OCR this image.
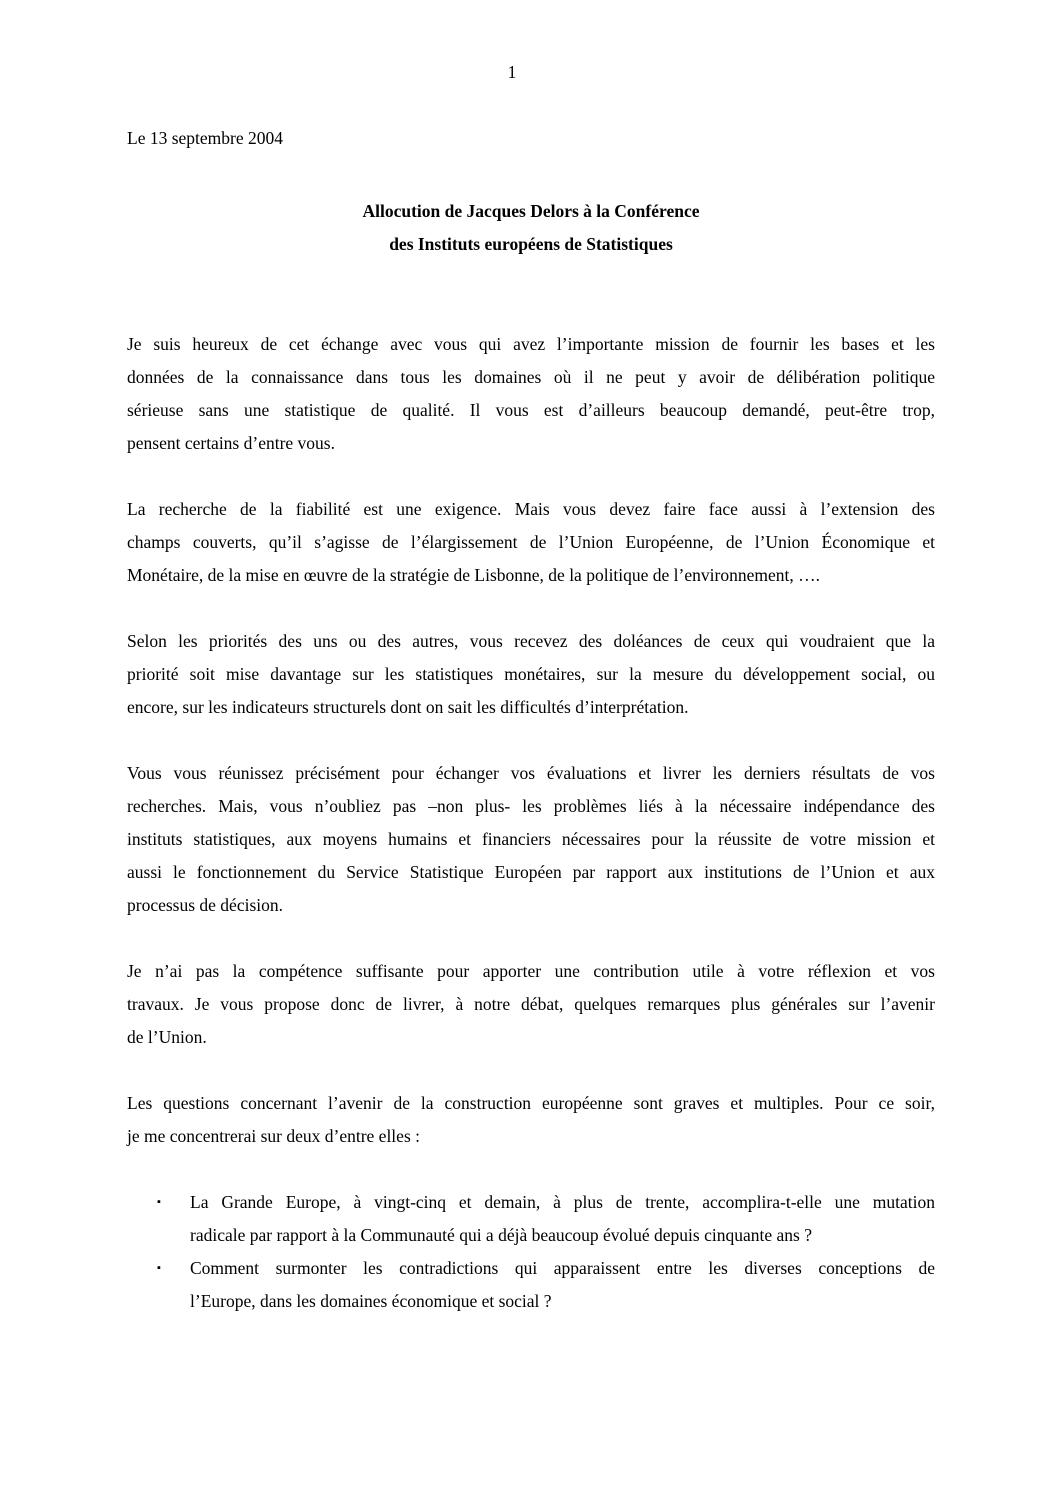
1
Le 13 septembre 2004
Allocution de Jacques Delors à la Conférence
des Instituts européens de Statistiques
Je suis heureux de cet échange avec vous qui avez l’importante mission de fournir les bases et les
données de la connaissance dans tous les domaines où il ne peut y avoir de délibération politique
sérieuse sans une statistique de qualité. Il vous est d’ailleurs beaucoup demandé, peut-être trop,
pensent certains d’entre vous.
La recherche de la fiabilité est une exigence. Mais vous devez faire face aussi à l’extension des
champs couverts, qu’il s’agisse de l’élargissement de l’Union Européenne, de l’Union Économique et
Monétaire, de la mise en œuvre de la stratégie de Lisbonne, de la politique de l’environnement, ….
Selon les priorités des uns ou des autres, vous recevez des doléances de ceux qui voudraient que la
priorité soit mise davantage sur les statistiques monétaires, sur la mesure du développement social, ou
encore, sur les indicateurs structurels dont on sait les difficultés d’interprétation.
Vous vous réunissez précisément pour échanger vos évaluations et livrer les derniers résultats de vos
recherches. Mais, vous n’oubliez pas –non plus- les problèmes liés à la nécessaire indépendance des
instituts statistiques, aux moyens humains et financiers nécessaires pour la réussite de votre mission et
aussi le fonctionnement du Service Statistique Européen par rapport aux institutions de l’Union et aux
processus de décision.
Je n’ai pas la compétence suffisante pour apporter une contribution utile à votre réflexion et vos
travaux. Je vous propose donc de livrer, à notre débat, quelques remarques plus générales sur l’avenir
de l’Union.
Les questions concernant l’avenir de la construction européenne sont graves et multiples. Pour ce soir,
je me concentrerai sur deux d’entre elles :
▪ La Grande Europe, à vingt-cinq et demain, à plus de trente, accomplira-t-elle une mutation
radicale par rapport à la Communauté qui a déjà beaucoup évolué depuis cinquante ans ?
▪ Comment surmonter les contradictions qui apparaissent entre les diverses conceptions de
l’Europe, dans les domaines économique et social ?
